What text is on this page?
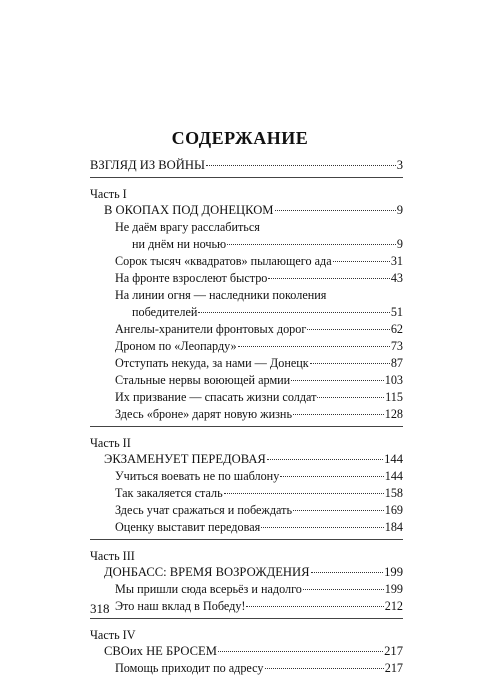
СОДЕРЖАНИЕ
ВЗГЛЯД ИЗ ВОЙНЫ	3
Часть I
В ОКОПАХ ПОД ДОНЕЦКОМ	9
Не даём врагу расслабиться
ни днём ни ночью	9
Сорок тысяч «квадратов» пылающего ада	31
На фронте взрослеют быстро	43
На линии огня — наследники поколения
победителей	51
Ангелы-хранители фронтовых дорог	62
Дроном по «Леопарду»	73
Отступать некуда, за нами — Донецк	87
Стальные нервы воюющей армии	103
Их призвание — спасать жизни солдат	115
Здесь «броне» дарят новую жизнь	128
Часть II
ЭКЗАМЕНУЕТ ПЕРЕДОВАЯ	144
Учиться воевать не по шаблону	144
Так закаляется сталь	158
Здесь учат сражаться и побеждать	169
Оценку выставит передовая	184
Часть III
ДОНБАСС: ВРЕМЯ ВОЗРОЖДЕНИЯ	199
Мы пришли сюда всерьёз и надолго	199
Это наш вклад в Победу!	212
Часть IV
СВОих НЕ БРОСЕМ	217
Помощь приходит по адресу	217
318
